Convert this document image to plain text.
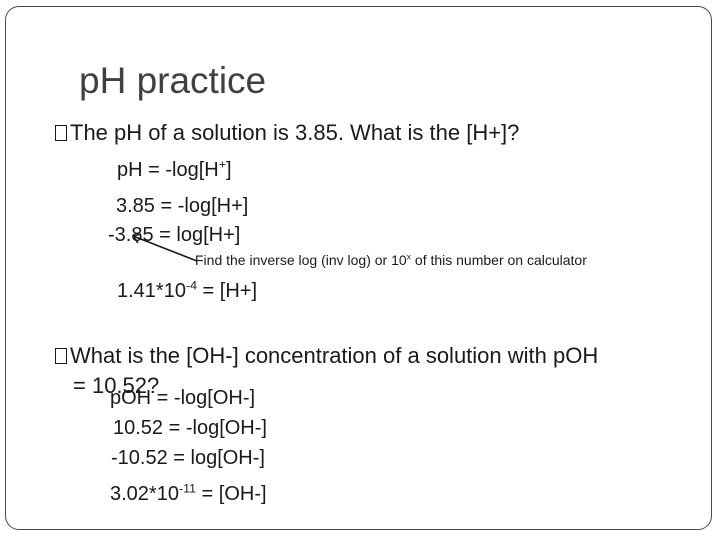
pH practice
The pH of a solution is 3.85. What is the [H+]?
pH = -log[H+]
3.85 = -log[H+]
-3.85 = log[H+]
Find the inverse log (inv log) or 10$^x$ of this number on calculator
$1.41*10^{-4} = [H+]$
What is the [OH-] concentration of a solution with pOH
= 10.52?
pOH = -log[OH-]
10.52 = -log[OH-]
-10.52 = log[OH-]
$3.02*10^{-11} = [OH-]$
